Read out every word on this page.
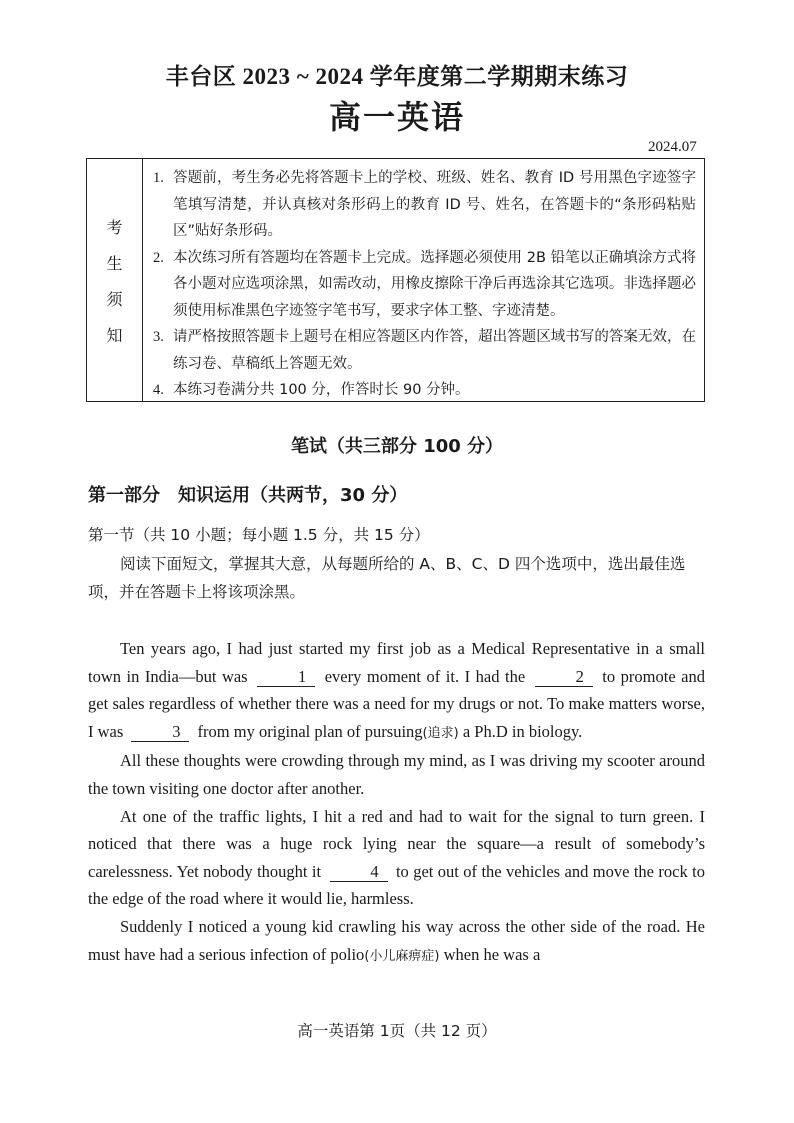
丰台区 2023 ~ 2024 学年度第二学期期末练习
高一英语
2024.07
考
生
须
知
1. 答题前，考生务必先将答题卡上的学校、班级、姓名、教育 ID 号用黑色字迹签字笔填写清楚，并认真核对条形码上的教育 ID 号、姓名，在答题卡的“条形码粘贴区”贴好条形码。
2. 本次练习所有答题均在答题卡上完成。选择题必须使用 2B 铅笔以正确填涂方式将各小题对应选项涂黑，如需改动，用橡皮擦除干净后再选涂其它选项。非选择题必须使用标准黑色字迹签字笔书写，要求字体工整、字迹清楚。
3. 请严格按照答题卡上题号在相应答题区内作答，超出答题区域书写的答案无效，在练习卷、草稿纸上答题无效。
4. 本练习卷满分共 100 分，作答时长 90 分钟。
笔试（共三部分 100 分）
第一部分　知识运用（共两节，30 分）
第一节（共 10 小题；每小题 1.5 分，共 15 分）
阅读下面短文，掌握其大意，从每题所给的 A、B、C、D 四个选项中，选出最佳选项，并在答题卡上将该项涂黑。

Ten years ago, I had just started my first job as a Medical Representative in a small town in India—but was	1 every moment of it. I had the	2 to promote and get sales regardless of whether there was a need for my drugs or not. To make matters worse, I was	3 from my original plan of pursuing(追求) a Ph.D in biology.

All these thoughts were crowding through my mind, as I was driving my scooter around the town visiting one doctor after another.

At one of the traffic lights, I hit a red and had to wait for the signal to turn green. I noticed that there was a huge rock lying near the square—a result of somebody’s carelessness. Yet nobody thought it	4 to get out of the vehicles and move the rock to the edge of the road where it would lie, harmless.

Suddenly I noticed a young kid crawling his way across the other side of the road. He must have had a serious infection of polio(小儿麻痹症) when he was a

高一英语第 1页（共 12 页）
